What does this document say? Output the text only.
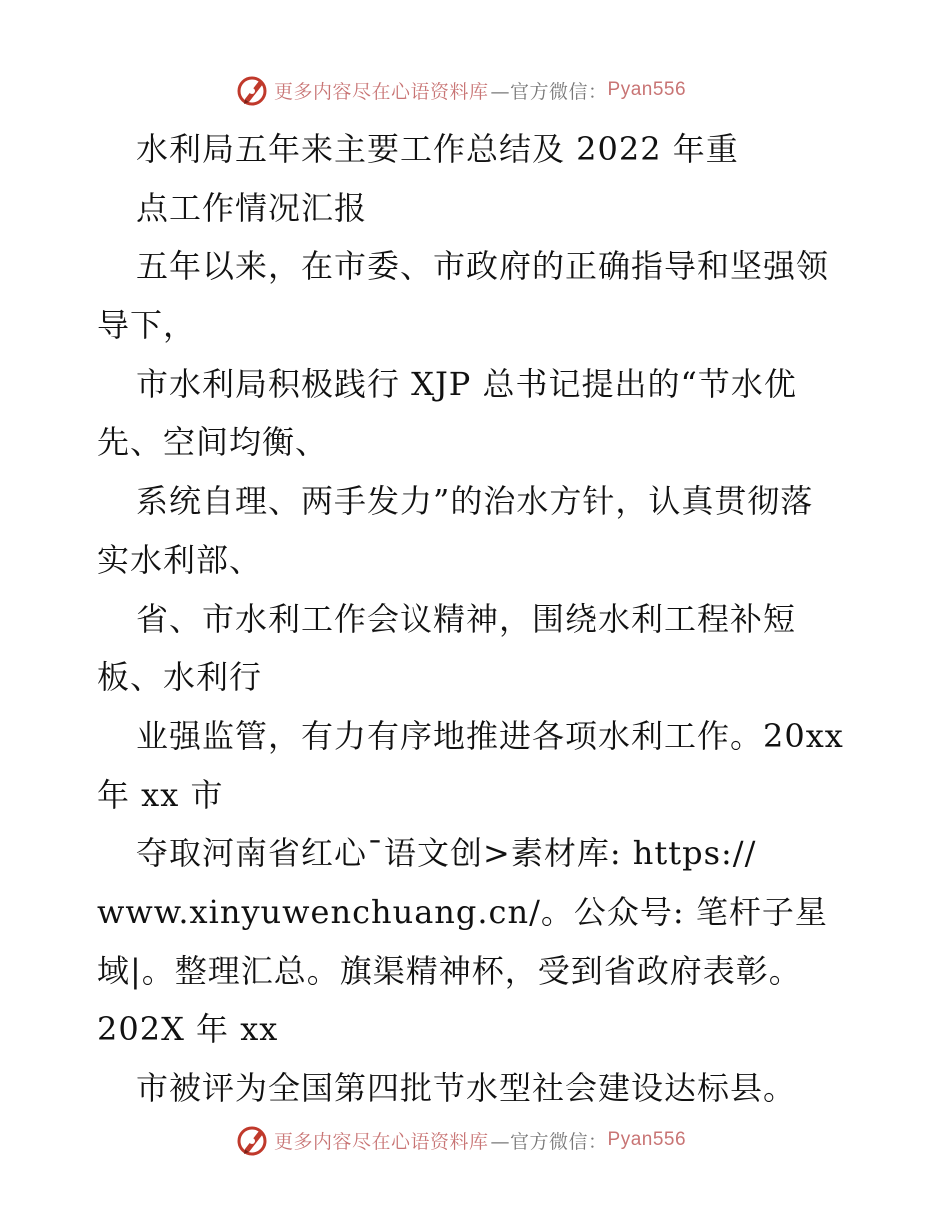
更多内容尽在心语资料库 —官方微信： Pyan556
水利局五年来主要工作总结及 2022 年重
点工作情况汇报
五年以来，在市委、市政府的正确指导和坚强领
导下，
市水利局积极践行 XJP 总书记提出的“节水优
先、空间均衡、
系统自理、两手发力”的治水方针，认真贯彻落
实水利部、
省、市水利工作会议精神，围绕水利工程补短
板、水利行
业强监管，有力有序地推进各项水利工作。20xx
年 xx 市
夺取河南省红心¯语文创>素材库: https://
www.xinyuwenchuang.cn/。公众号: 笔杆子星
域|。整理汇总。旗渠精神杯，受到省政府表彰。
202X 年 xx
市被评为全国第四批节水型社会建设达标县。
更多内容尽在心语资料库 —官方微信： Pyan556
